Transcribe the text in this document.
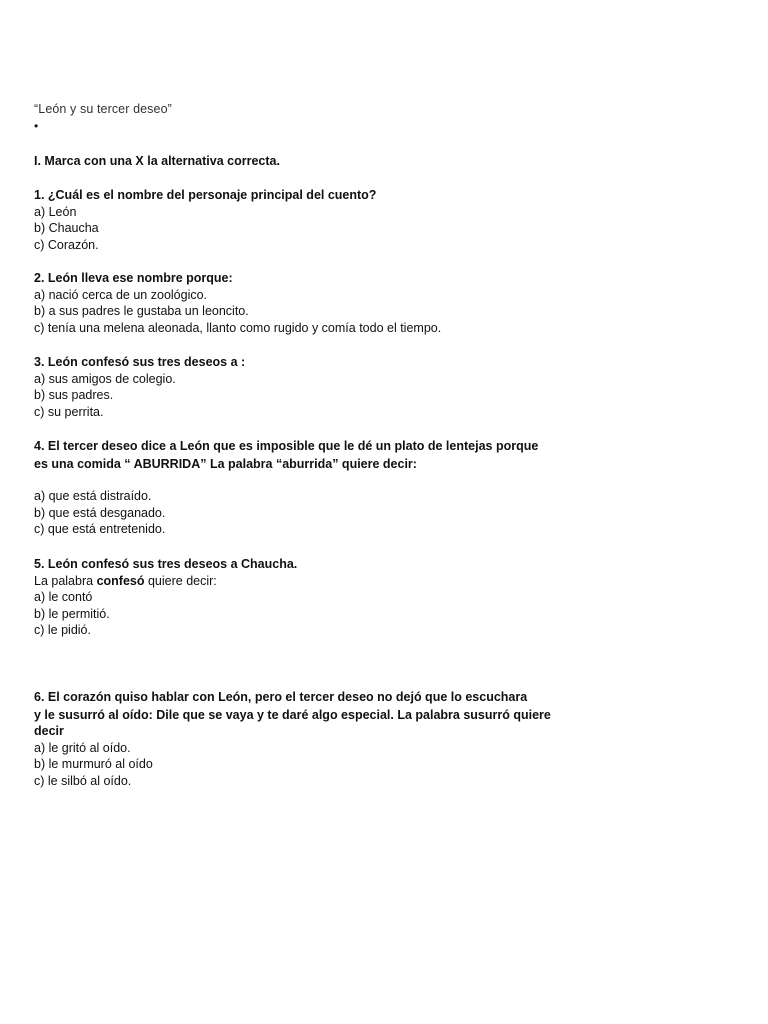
“León y su tercer deseo”
•
I. Marca con una X la alternativa correcta.
1. ¿Cuál es el nombre del personaje principal del cuento?
a) León
b) Chaucha
c) Corazón.
2. León lleva ese nombre porque:
a) nació cerca de un zoológico.
b) a sus padres le gustaba un leoncito.
c) tenía una melena aleonada, llanto como rugido y comía todo el tiempo.
3. León confesó sus tres deseos a :
a) sus amigos de colegio.
b) sus padres.
c) su perrita.
4. El tercer deseo dice a León que es imposible que le dé un plato de lentejas porque
es una comida “ ABURRIDA” La palabra “aburrida” quiere decir:
a) que está distraído.
b) que está desganado.
c) que está entretenido.
5. León confesó sus tres deseos a Chaucha.
La palabra confesó quiere decir:
a) le contó
b) le permitió.
c) le pidió.
6. El corazón quiso hablar con León, pero el tercer deseo no dejó que lo escuchara
y le susurró al oído: Dile que se vaya y te daré algo especial. La palabra susurró quiere
decir
a) le gritó al oído.
b) le murmuró al oído
c) le silbó al oído.
